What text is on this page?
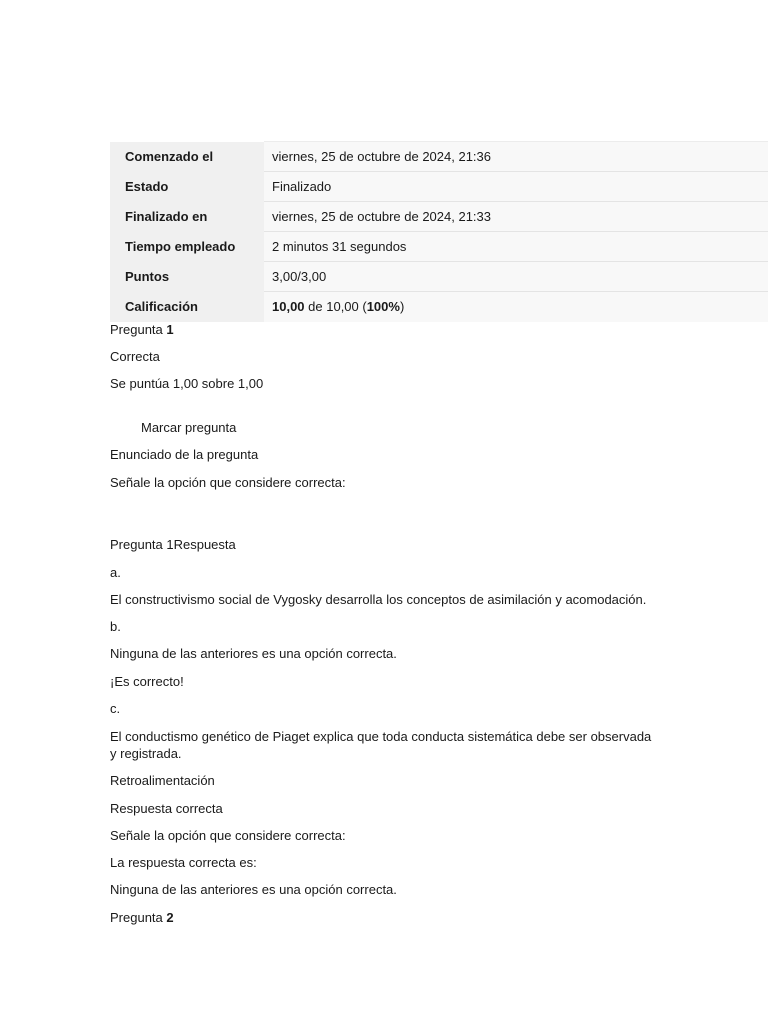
Comenzado el	viernes, 25 de octubre de 2024, 21:36
Estado	Finalizado
Finalizado en	viernes, 25 de octubre de 2024, 21:33
Tiempo empleado	2 minutos 31 segundos
Puntos	3,00/3,00
Calificación	10,00 de 10,00 (100%)

Pregunta 1

Correcta

Se puntúa 1,00 sobre 1,00

Marcar pregunta

Enunciado de la pregunta

Señale la opción que considere correcta:

Pregunta 1Respuesta

a.

El constructivismo social de Vygosky desarrolla los conceptos de asimilación y acomodación.

b.

Ninguna de las anteriores es una opción correcta.

¡Es correcto!

c.

El conductismo genético de Piaget explica que toda conducta sistemática debe ser observada y registrada.

Retroalimentación

Respuesta correcta

Señale la opción que considere correcta:

La respuesta correcta es:

Ninguna de las anteriores es una opción correcta.

Pregunta 2
